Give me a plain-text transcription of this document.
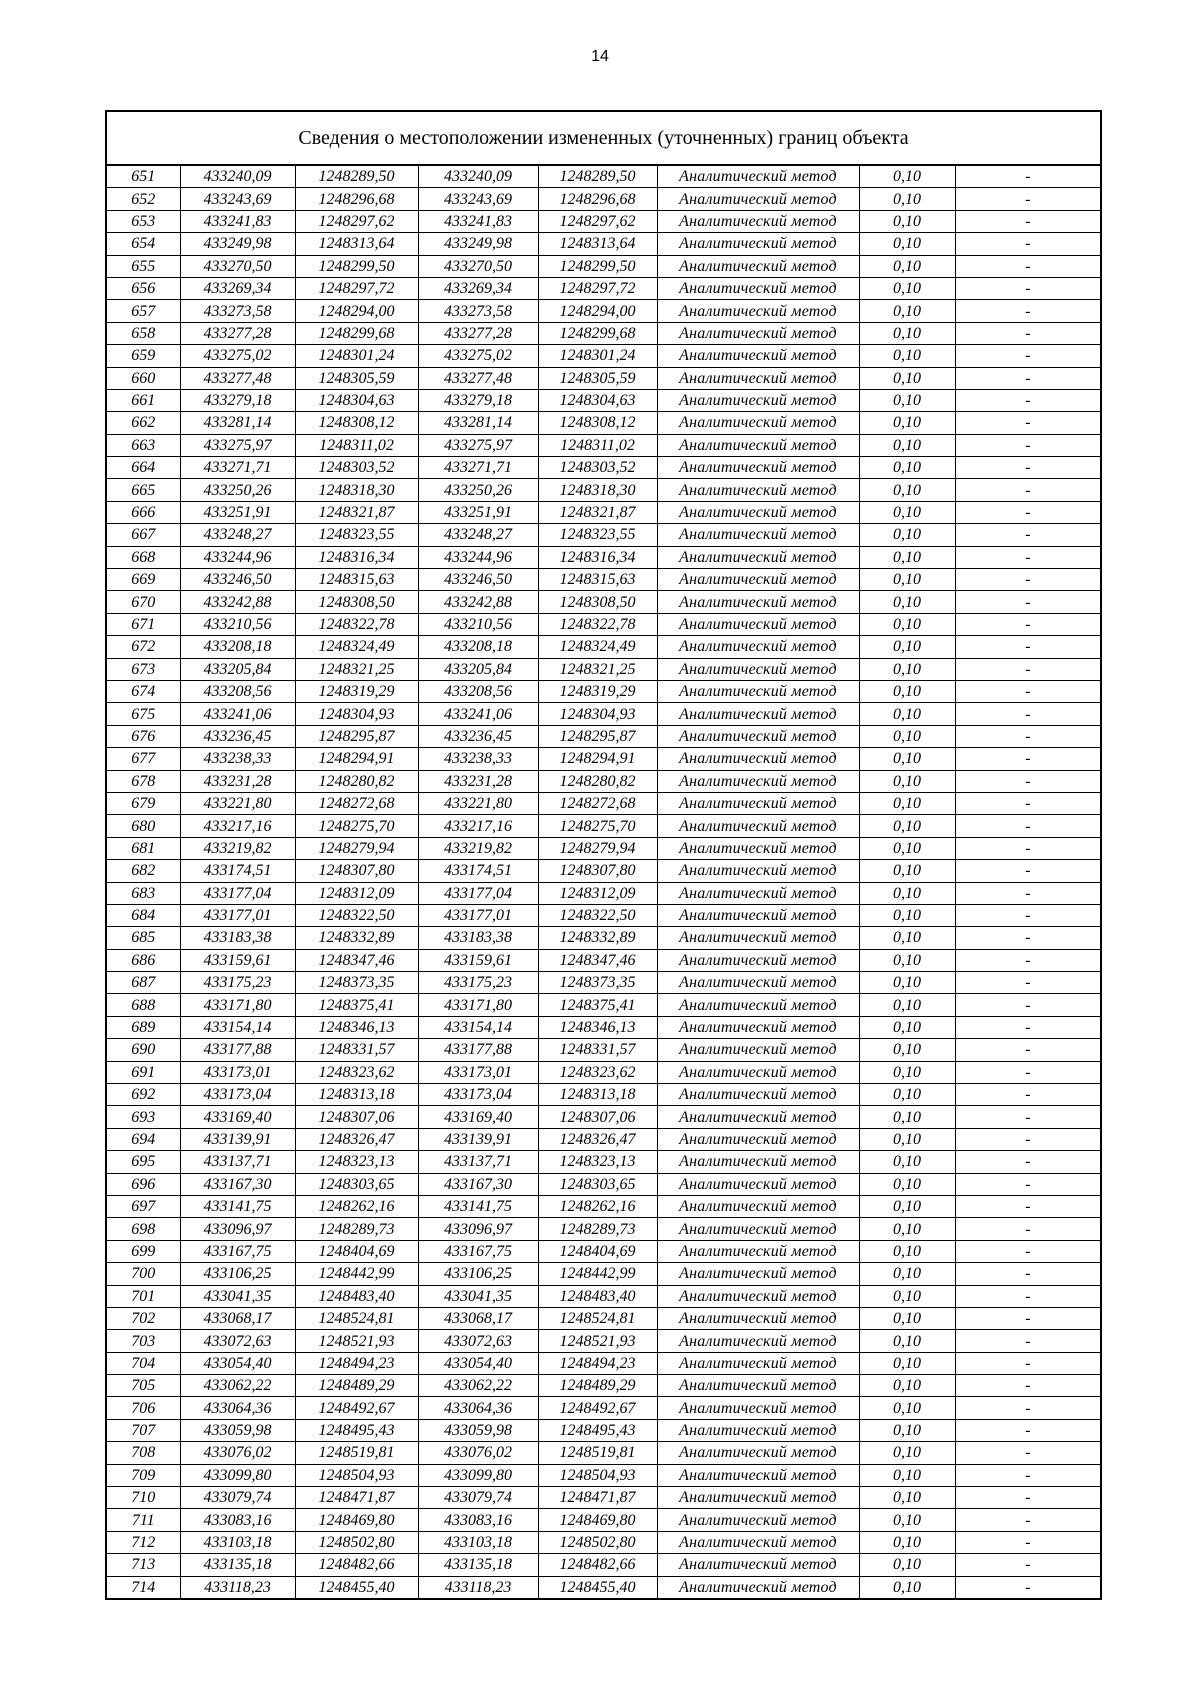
14
Сведения о местоположении измененных (уточненных) границ объекта
651	433240,09	1248289,50	433240,09	1248289,50	Аналитический метод	0,10	-
652	433243,69	1248296,68	433243,69	1248296,68	Аналитический метод	0,10	-
653	433241,83	1248297,62	433241,83	1248297,62	Аналитический метод	0,10	-
654	433249,98	1248313,64	433249,98	1248313,64	Аналитический метод	0,10	-
655	433270,50	1248299,50	433270,50	1248299,50	Аналитический метод	0,10	-
656	433269,34	1248297,72	433269,34	1248297,72	Аналитический метод	0,10	-
657	433273,58	1248294,00	433273,58	1248294,00	Аналитический метод	0,10	-
658	433277,28	1248299,68	433277,28	1248299,68	Аналитический метод	0,10	-
659	433275,02	1248301,24	433275,02	1248301,24	Аналитический метод	0,10	-
660	433277,48	1248305,59	433277,48	1248305,59	Аналитический метод	0,10	-
661	433279,18	1248304,63	433279,18	1248304,63	Аналитический метод	0,10	-
662	433281,14	1248308,12	433281,14	1248308,12	Аналитический метод	0,10	-
663	433275,97	1248311,02	433275,97	1248311,02	Аналитический метод	0,10	-
664	433271,71	1248303,52	433271,71	1248303,52	Аналитический метод	0,10	-
665	433250,26	1248318,30	433250,26	1248318,30	Аналитический метод	0,10	-
666	433251,91	1248321,87	433251,91	1248321,87	Аналитический метод	0,10	-
667	433248,27	1248323,55	433248,27	1248323,55	Аналитический метод	0,10	-
668	433244,96	1248316,34	433244,96	1248316,34	Аналитический метод	0,10	-
669	433246,50	1248315,63	433246,50	1248315,63	Аналитический метод	0,10	-
670	433242,88	1248308,50	433242,88	1248308,50	Аналитический метод	0,10	-
671	433210,56	1248322,78	433210,56	1248322,78	Аналитический метод	0,10	-
672	433208,18	1248324,49	433208,18	1248324,49	Аналитический метод	0,10	-
673	433205,84	1248321,25	433205,84	1248321,25	Аналитический метод	0,10	-
674	433208,56	1248319,29	433208,56	1248319,29	Аналитический метод	0,10	-
675	433241,06	1248304,93	433241,06	1248304,93	Аналитический метод	0,10	-
676	433236,45	1248295,87	433236,45	1248295,87	Аналитический метод	0,10	-
677	433238,33	1248294,91	433238,33	1248294,91	Аналитический метод	0,10	-
678	433231,28	1248280,82	433231,28	1248280,82	Аналитический метод	0,10	-
679	433221,80	1248272,68	433221,80	1248272,68	Аналитический метод	0,10	-
680	433217,16	1248275,70	433217,16	1248275,70	Аналитический метод	0,10	-
681	433219,82	1248279,94	433219,82	1248279,94	Аналитический метод	0,10	-
682	433174,51	1248307,80	433174,51	1248307,80	Аналитический метод	0,10	-
683	433177,04	1248312,09	433177,04	1248312,09	Аналитический метод	0,10	-
684	433177,01	1248322,50	433177,01	1248322,50	Аналитический метод	0,10	-
685	433183,38	1248332,89	433183,38	1248332,89	Аналитический метод	0,10	-
686	433159,61	1248347,46	433159,61	1248347,46	Аналитический метод	0,10	-
687	433175,23	1248373,35	433175,23	1248373,35	Аналитический метод	0,10	-
688	433171,80	1248375,41	433171,80	1248375,41	Аналитический метод	0,10	-
689	433154,14	1248346,13	433154,14	1248346,13	Аналитический метод	0,10	-
690	433177,88	1248331,57	433177,88	1248331,57	Аналитический метод	0,10	-
691	433173,01	1248323,62	433173,01	1248323,62	Аналитический метод	0,10	-
692	433173,04	1248313,18	433173,04	1248313,18	Аналитический метод	0,10	-
693	433169,40	1248307,06	433169,40	1248307,06	Аналитический метод	0,10	-
694	433139,91	1248326,47	433139,91	1248326,47	Аналитический метод	0,10	-
695	433137,71	1248323,13	433137,71	1248323,13	Аналитический метод	0,10	-
696	433167,30	1248303,65	433167,30	1248303,65	Аналитический метод	0,10	-
697	433141,75	1248262,16	433141,75	1248262,16	Аналитический метод	0,10	-
698	433096,97	1248289,73	433096,97	1248289,73	Аналитический метод	0,10	-
699	433167,75	1248404,69	433167,75	1248404,69	Аналитический метод	0,10	-
700	433106,25	1248442,99	433106,25	1248442,99	Аналитический метод	0,10	-
701	433041,35	1248483,40	433041,35	1248483,40	Аналитический метод	0,10	-
702	433068,17	1248524,81	433068,17	1248524,81	Аналитический метод	0,10	-
703	433072,63	1248521,93	433072,63	1248521,93	Аналитический метод	0,10	-
704	433054,40	1248494,23	433054,40	1248494,23	Аналитический метод	0,10	-
705	433062,22	1248489,29	433062,22	1248489,29	Аналитический метод	0,10	-
706	433064,36	1248492,67	433064,36	1248492,67	Аналитический метод	0,10	-
707	433059,98	1248495,43	433059,98	1248495,43	Аналитический метод	0,10	-
708	433076,02	1248519,81	433076,02	1248519,81	Аналитический метод	0,10	-
709	433099,80	1248504,93	433099,80	1248504,93	Аналитический метод	0,10	-
710	433079,74	1248471,87	433079,74	1248471,87	Аналитический метод	0,10	-
711	433083,16	1248469,80	433083,16	1248469,80	Аналитический метод	0,10	-
712	433103,18	1248502,80	433103,18	1248502,80	Аналитический метод	0,10	-
713	433135,18	1248482,66	433135,18	1248482,66	Аналитический метод	0,10	-
714	433118,23	1248455,40	433118,23	1248455,40	Аналитический метод	0,10	-
